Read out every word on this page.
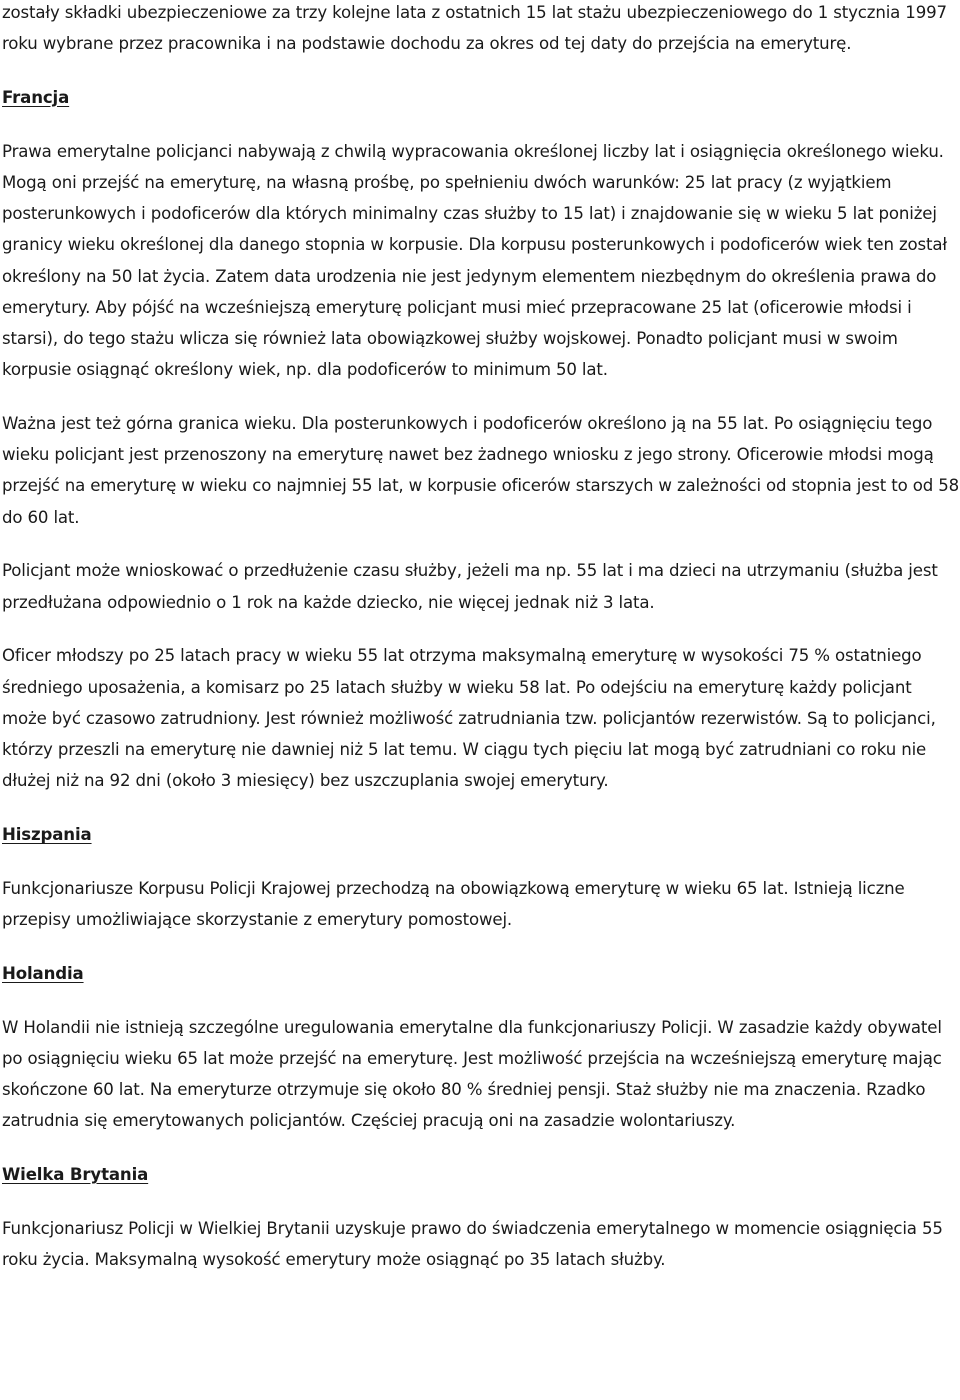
zostały składki ubezpieczeniowe za trzy kolejne lata z ostatnich 15 lat stażu ubezpieczeniowego do 1 stycznia 1997 roku wybrane przez pracownika i na podstawie dochodu za okres od tej daty do przejścia na emeryturę.

Francja

Prawa emerytalne policjanci nabywają z chwilą wypracowania określonej liczby lat i osiągnięcia określonego wieku. Mogą oni przejść na emeryturę, na własną prośbę, po spełnieniu dwóch warunków: 25 lat pracy (z wyjątkiem posterunkowych i podoficerów dla których minimalny czas służby to 15 lat) i znajdowanie się w wieku 5 lat poniżej granicy wieku określonej dla danego stopnia w korpusie. Dla korpusu posterunkowych i podoficerów wiek ten został określony na 50 lat życia. Zatem data urodzenia nie jest jedynym elementem niezbędnym do określenia prawa do emerytury. Aby pójść na wcześniejszą emeryturę policjant musi mieć przepracowane 25 lat (oficerowie młodsi i starsi), do tego stażu wlicza się również lata obowiązkowej służby wojskowej. Ponadto policjant musi w swoim korpusie osiągnąć określony wiek, np. dla podoficerów to minimum 50 lat.

Ważna jest też górna granica wieku. Dla posterunkowych i podoficerów określono ją na 55 lat. Po osiągnięciu tego wieku policjant jest przenoszony na emeryturę nawet bez żadnego wniosku z jego strony. Oficerowie młodsi mogą przejść na emeryturę w wieku co najmniej 55 lat, w korpusie oficerów starszych w zależności od stopnia jest to od 58 do 60 lat.

Policjant może wnioskować o przedłużenie czasu służby, jeżeli ma np. 55 lat i ma dzieci na utrzymaniu (służba jest przedłużana odpowiednio o 1 rok na każde dziecko, nie więcej jednak niż 3 lata.

Oficer młodszy po 25 latach pracy w wieku 55 lat otrzyma maksymalną emeryturę w wysokości 75 % ostatniego średniego uposażenia, a komisarz po 25 latach służby w wieku 58 lat. Po odejściu na emeryturę każdy policjant może być czasowo zatrudniony. Jest również możliwość zatrudniania tzw. policjantów rezerwistów. Są to policjanci, którzy przeszli na emeryturę nie dawniej niż 5 lat temu. W ciągu tych pięciu lat mogą być zatrudniani co roku nie dłużej niż na 92 dni (około 3 miesięcy) bez uszczuplania swojej emerytury.

Hiszpania

Funkcjonariusze Korpusu Policji Krajowej przechodzą na obowiązkową emeryturę w wieku 65 lat. Istnieją liczne przepisy umożliwiające skorzystanie z emerytury pomostowej.

Holandia

W Holandii nie istnieją szczególne uregulowania emerytalne dla funkcjonariuszy Policji. W zasadzie każdy obywatel po osiągnięciu wieku 65 lat może przejść na emeryturę. Jest możliwość przejścia na wcześniejszą emeryturę mając skończone 60 lat. Na emeryturze otrzymuje się około 80 % średniej pensji. Staż służby nie ma znaczenia. Rzadko zatrudnia się emerytowanych policjantów. Częściej pracują oni na zasadzie wolontariuszy.

Wielka Brytania

Funkcjonariusz Policji w Wielkiej Brytanii uzyskuje prawo do świadczenia emerytalnego w momencie osiągnięcia 55 roku życia. Maksymalną wysokość emerytury może osiągnąć po 35 latach służby.
